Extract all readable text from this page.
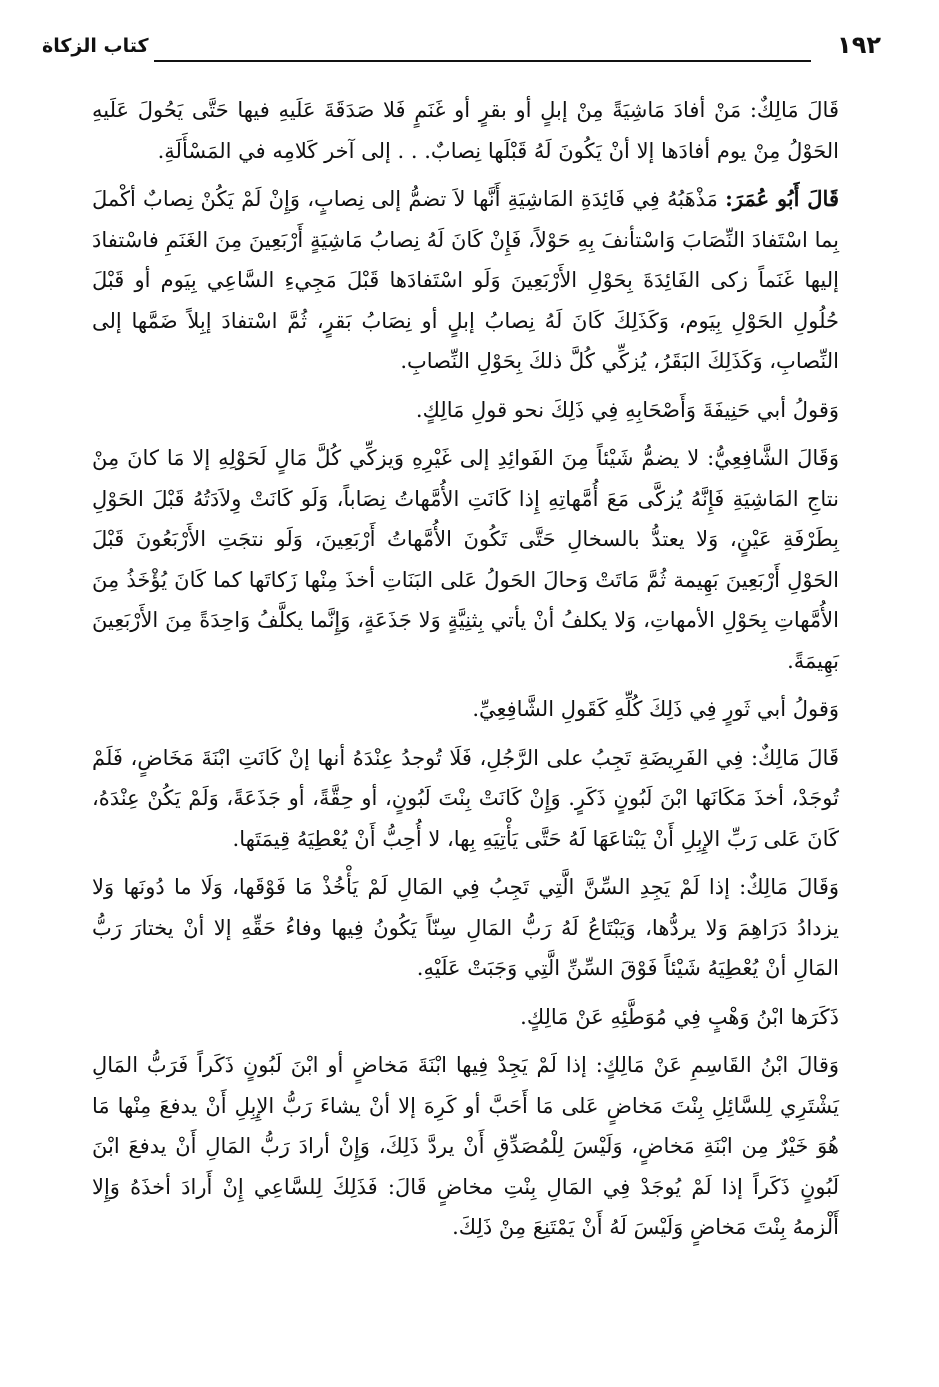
١٩٢
كتاب الزكاة

قَالَ مَالِكٌ: مَنْ أفادَ مَاشِيَةً مِنْ إبلٍ أو بقرٍ أو غَنَمٍ فَلا صَدَقَةَ عَلَيهِ فيها حَتَّى يَحُولَ عَلَيهِ الحَوْلُ مِنْ يوم أفادَها إلا أنْ يَكُونَ لَهُ قَبْلَها نِصابٌ. . . إلى آخر كَلامِه في المَسْأَلَةِ.

قَالَ أَبُو عُمَرَ: مَذْهَبُهُ فِي فَائِدَةِ المَاشِيَةِ أَنَّها لاَ تضمُّ إلى نِصابٍ، وَإِنْ لَمْ يَكُنْ نِصابٌ أكْملَ بِما اسْتَفادَ النِّصَابَ وَاسْتأنفَ بِهِ حَوْلاً، فَإِنْ كَانَ لَهُ نِصابُ مَاشِيَةٍ أَرْبَعِينَ مِنَ الغَنَمِ فاسْتفادَ إليها غَنَماً زكى الفَائِدَةَ بِحَوْلِ الأَرْبَعِينَ وَلَو اسْتَفادَها قَبْلَ مَجِيءِ السَّاعِي بِيَوم أو قَبْلَ حُلُولِ الحَوْلِ بِيَوم، وَكَذَلِكَ كَانَ لَهُ نِصابُ إبلٍ أو نِصَابُ بَقرٍ، ثُمَّ اسْتفادَ إبِلاً ضَمَّها إلى النِّصابِ، وَكَذَلِكَ البَقَرُ، يُزكِّي كُلَّ ذلكَ بِحَوْلِ النِّصابِ.

وَقولُ أبي حَنِيفَةَ وَأَصْحَابِهِ فِي ذَلِكَ نحو قولِ مَالِكٍ.

وَقَالَ الشَّافِعِيُّ: لا يضمُّ شَيْئاً مِنَ الفَوائِدِ إلى غَيْرِهِ وَيزكِّي كُلَّ مَالٍ لَحَوْلِهِ إلا مَا كانَ مِنْ نتاجِ المَاشِيَةِ فَإِنَّهُ يُزكَّى مَعَ أُمَّهاتِهِ إِذا كَانَتِ الأُمَّهاتُ نِصَاباً، وَلَو كَانَتْ وِلاَدَتُهُ قَبْلَ الحَوْلِ بِطَرْفَةِ عَيْنٍ، وَلا يعتدُّ بالسخالِ حَتَّى تَكُونَ الأُمَّهاتُ أَرْبَعِينَ، وَلَو نتجَتِ الأَرْبَعُونَ قَبْلَ الحَوْلِ أَرْبَعِينَ بَهِيمة ثُمَّ مَاتَتْ وَحالَ الحَولُ عَلى البَنَاتِ أخذَ مِنْها زَكاتَها كما كَانَ يُؤْخَذُ مِنَ الأُمَّهاتِ بِحَوْلِ الأمهاتِ، وَلا يكلفُ أنْ يأتي بِثنِيَّةٍ وَلا جَذَعَةٍ، وَإِنَّما يكلَّفُ وَاحِدَةً مِنَ الأَرْبَعِينَ بَهِيمَةً.

وَقولُ أبي ثَورٍ فِي ذَلِكَ كُلِّهِ كَقَولِ الشَّافِعِيِّ.

قَالَ مَالِكٌ: فِي الفَرِيضَةِ تَجِبُ على الرَّجُلِ، فَلَا تُوجدُ عِنْدَهُ أنها إنْ كَانَتِ ابْنَةَ مَخَاضٍ، فَلَمْ تُوجَدْ، أخذَ مَكَانَها ابْنَ لَبُونٍ ذَكَرٍ. وَإِنْ كَانَتْ بِنْتَ لَبُونٍ، أو حِقَّةً، أو جَذَعَةً، وَلَمْ يَكُنْ عِنْدَهُ، كَانَ عَلى رَبِّ الإِبِلِ أَنْ يَبْتاعَهَا لَهُ حَتَّى يَأْتِيَهِ بِها، لا أُحِبُّ أَنْ يُعْطِيَهُ قِيمَتَها.

وَقَالَ مَالِكٌ: إذا لَمْ يَجِدِ السِّنَّ الَّتِي تَجِبُ فِي المَالِ لَمْ يَأْخُذْ مَا فَوْقَها، وَلَا ما دُونَها وَلا يزدادُ دَرَاهِمَ وَلا يردُّها، وَيَبْتَاعُ لَهُ رَبُّ المَالِ سِنّاً يَكُونُ فِيها وفاءُ حَقِّهِ إلا أنْ يختارَ رَبُّ المَالِ أنْ يُعْطِيَهُ شَيْئاً فَوْقَ السِّنِّ الَّتِي وَجَبَتْ عَلَيْهِ.

ذَكَرَها ابْنُ وَهْبٍ فِي مُوَطَّئِهِ عَنْ مَالِكٍ.

وَقالَ ابْنُ القَاسِمِ عَنْ مَالِكٍ: إذا لَمْ يَجِدْ فِيها ابْنَةَ مَخاضٍ أو ابْنَ لَبُونٍ ذَكَراً فَرَبُّ المَالِ يَشْتَرِي لِلسَّائِلِ بِنْتَ مَخاضٍ عَلى مَا أَحَبَّ أو كَرِهَ إلا أنْ يشاءَ رَبُّ الإِبِلِ أَنْ يدفعَ مِنْها مَا هُوَ خَيْرٌ مِن ابْنَةِ مَخاضٍ، وَلَيْسَ لِلْمُصَدِّقِ أَنْ يردَّ ذَلِكَ، وَإِنْ أرادَ رَبُّ المَالِ أَنْ يدفعَ ابْنَ لَبُونٍ ذَكَراً إذا لَمْ يُوجَدْ فِي المَالِ بِنْتِ مخاضٍ قَالَ: فَذَلِكَ لِلسَّاعِي إِنْ أَرادَ أخذَهُ وَإِلا أَلْزمهُ بِنْتَ مَخاضٍ وَلَيْسَ لَهُ أَنْ يَمْتَنِعَ مِنْ ذَلِكَ.
